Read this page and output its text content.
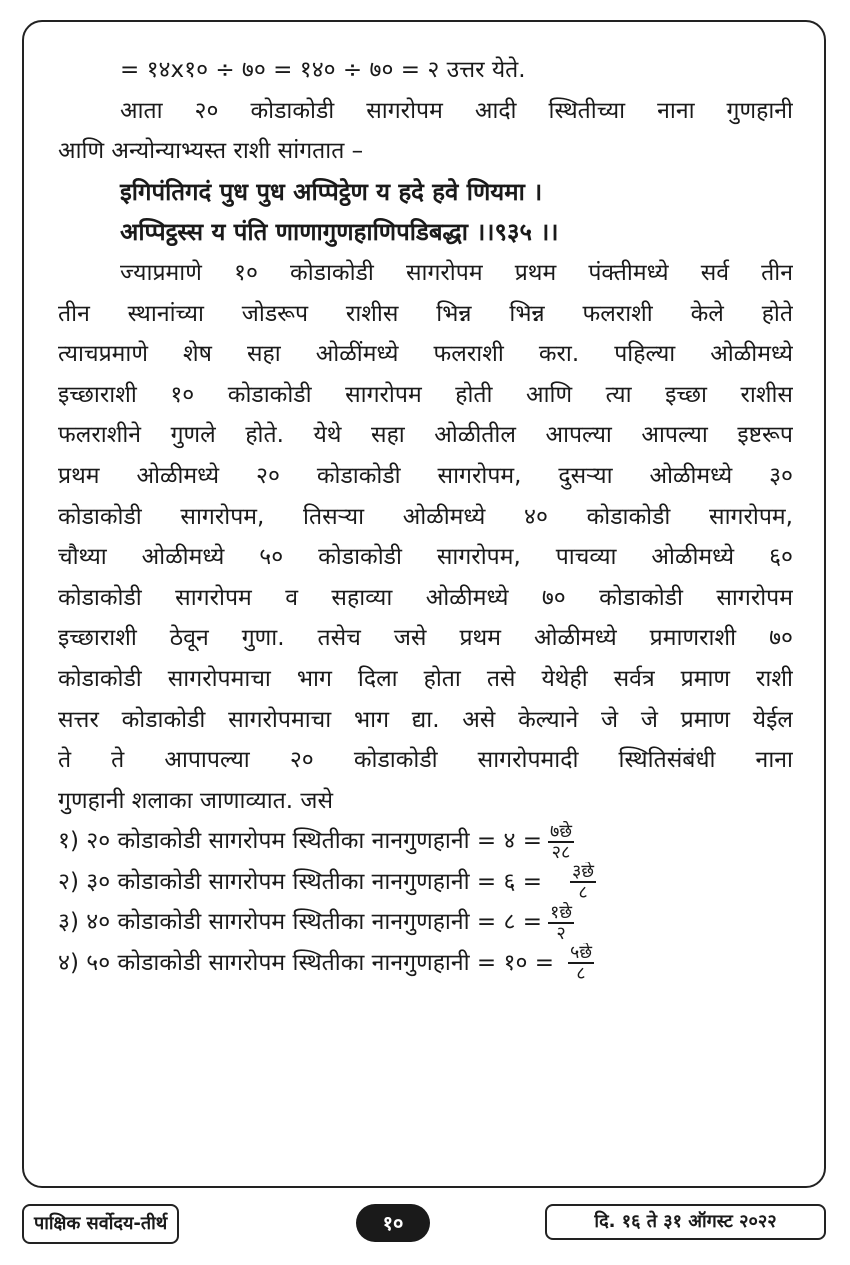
= १४x१० ÷ ७० = १४० ÷ ७० = २ उत्तर येते.
आता २० कोडाकोडी सागरोपम आदी स्थितीच्या नाना गुणहानी
आणि अन्योन्याभ्यस्त राशी सांगतात –
इगिपंतिगदं पुध पुध अप्पिट्ठेण य हदे हवे णियमा ।
अप्पिट्ठस्स य पंति णाणागुणहाणिपडिबद्धा ।।९३५ ।।
ज्याप्रमाणे १० कोडाकोडी सागरोपम प्रथम पंक्तीमध्ये सर्व तीन
तीन स्थानांच्या जोडरूप राशीस भिन्न भिन्न फलराशी केले होते
त्याचप्रमाणे शेष सहा ओळींमध्ये फलराशी करा. पहिल्या ओळीमध्ये
इच्छाराशी १० कोडाकोडी सागरोपम होती आणि त्या इच्छा राशीस
फलराशीने गुणले होते. येथे सहा ओळीतील आपल्या आपल्या इष्टरूप
प्रथम ओळीमध्ये २० कोडाकोडी सागरोपम, दुसऱ्या ओळीमध्ये ३०
कोडाकोडी सागरोपम, तिसऱ्या ओळीमध्ये ४० कोडाकोडी सागरोपम,
चौथ्या ओळीमध्ये ५० कोडाकोडी सागरोपम, पाचव्या ओळीमध्ये ६०
कोडाकोडी सागरोपम व सहाव्या ओळीमध्ये ७० कोडाकोडी सागरोपम
इच्छाराशी ठेवून गुणा. तसेच जसे प्रथम ओळीमध्ये प्रमाणराशी ७०
कोडाकोडी सागरोपमाचा भाग दिला होता तसे येथेही सर्वत्र प्रमाण राशी
सत्तर कोडाकोडी सागरोपमाचा भाग द्या. असे केल्याने जे जे प्रमाण येईल
ते ते आपापल्या २० कोडाकोडी सागरोपमादी स्थितिसंबंधी नाना
गुणहानी शलाका जाणाव्यात. जसे
१) २० कोडाकोडी सागरोपम स्थितीका नानगुणहानी = ४ = $\frac{\text{७छे}}{२८}$
२) ३० कोडाकोडी सागरोपम स्थितीका नानगुणहानी = ६ = $\frac{\text{३छे}}{८}$
३) ४० कोडाकोडी सागरोपम स्थितीका नानगुणहानी = ८ = $\frac{\text{१छे}}{२}$
४) ५० कोडाकोडी सागरोपम स्थितीका नानगुणहानी = १० = $\frac{\text{५छे}}{८}$
पाक्षिक सर्वोदय-तीर्थ	१०	दि. १६ ते ३१ ऑगस्ट २०२२
